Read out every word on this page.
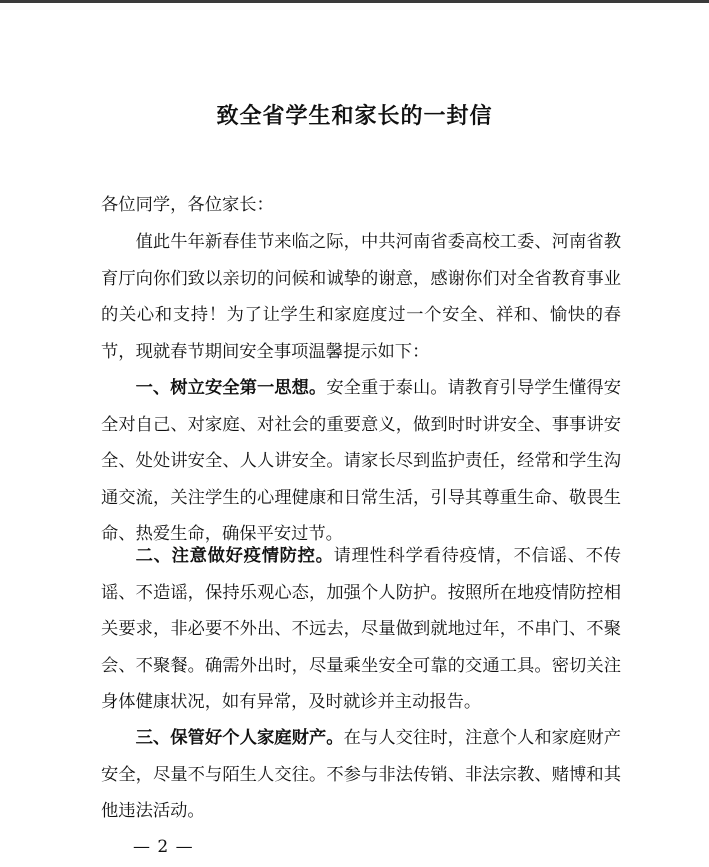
致全省学生和家长的一封信
各位同学，各位家长：
值此牛年新春佳节来临之际，中共河南省委高校工委、河南省教育厅向你们致以亲切的问候和诚挚的谢意，感谢你们对全省教育事业的关心和支持！为了让学生和家庭度过一个安全、祥和、愉快的春节，现就春节期间安全事项温馨提示如下：
一、树立安全第一思想。安全重于泰山。请教育引导学生懂得安全对自己、对家庭、对社会的重要意义，做到时时讲安全、事事讲安全、处处讲安全、人人讲安全。请家长尽到监护责任，经常和学生沟通交流，关注学生的心理健康和日常生活，引导其尊重生命、敬畏生命、热爱生命，确保平安过节。
二、注意做好疫情防控。请理性科学看待疫情，不信谣、不传谣、不造谣，保持乐观心态，加强个人防护。按照所在地疫情防控相关要求，非必要不外出、不远去，尽量做到就地过年，不串门、不聚会、不聚餐。确需外出时，尽量乘坐安全可靠的交通工具。密切关注身体健康状况，如有异常，及时就诊并主动报告。
三、保管好个人家庭财产。在与人交往时，注意个人和家庭财产安全，尽量不与陌生人交往。不参与非法传销、非法宗教、赌博和其他违法活动。
— 2 —
